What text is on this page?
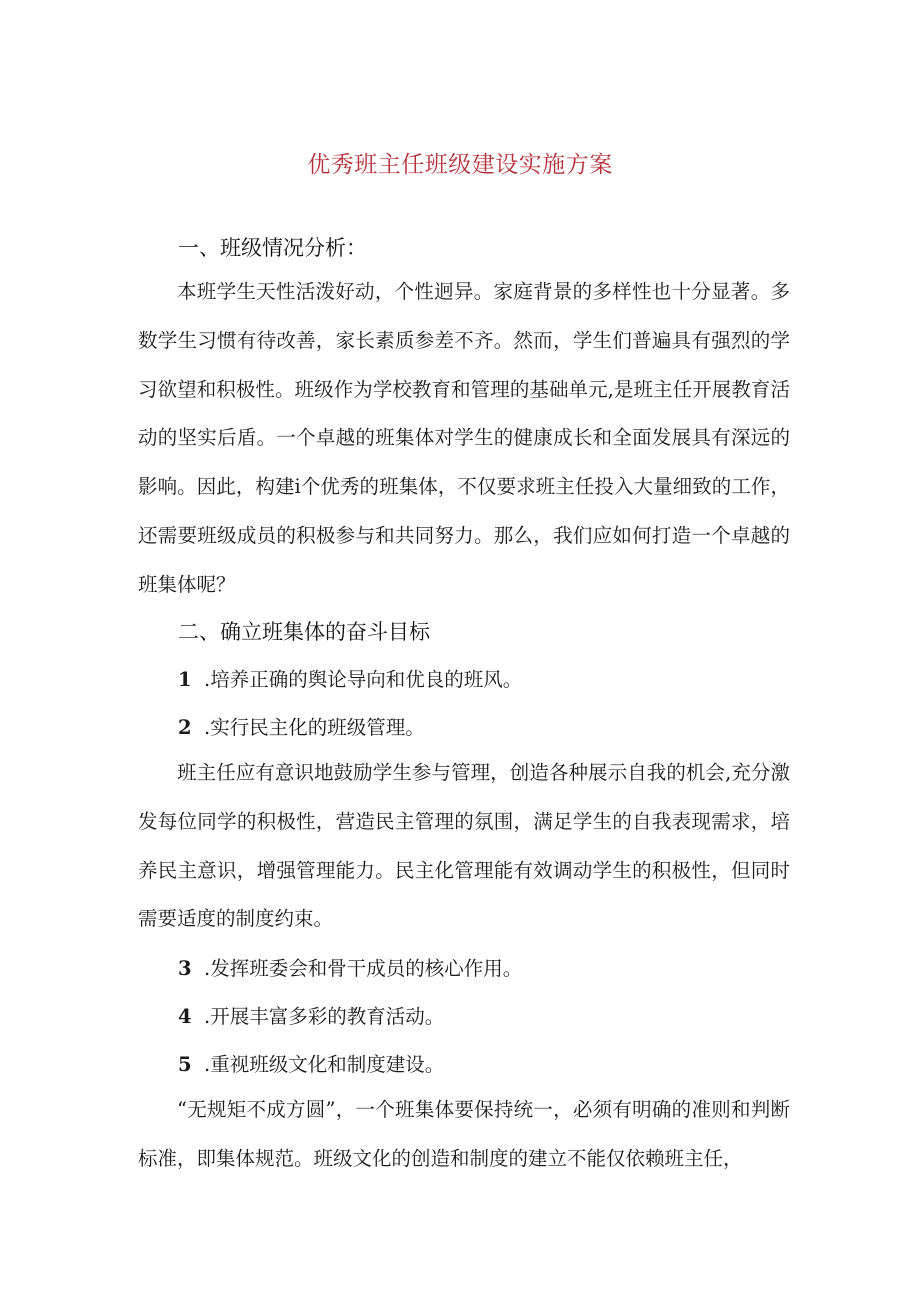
优秀班主任班级建设实施方案
一、班级情况分析：

本班学生天性活泼好动，个性迥异。家庭背景的多样性也十分显著。多数学生习惯有待改善，家长素质参差不齐。然而，学生们普遍具有强烈的学习欲望和积极性。班级作为学校教育和管理的基础单元,是班主任开展教育活动的坚实后盾。一个卓越的班集体对学生的健康成长和全面发展具有深远的影响。因此，构建i个优秀的班集体，不仅要求班主任投入大量细致的工作，还需要班级成员的积极参与和共同努力。那么，我们应如何打造一个卓越的班集体呢？

二、确立班集体的奋斗目标
1 .培养正确的舆论导向和优良的班风。
2 .实行民主化的班级管理。

班主任应有意识地鼓励学生参与管理，创造各种展示自我的机会,充分激发每位同学的积极性，营造民主管理的氛围，满足学生的自我表现需求，培养民主意识，增强管理能力。民主化管理能有效调动学生的积极性，但同时需要适度的制度约束。

3 .发挥班委会和骨干成员的核心作用。
4 .开展丰富多彩的教育活动。
5 .重视班级文化和制度建设。

“无规矩不成方圆”，一个班集体要保持统一，必须有明确的准则和判断标准，即集体规范。班级文化的创造和制度的建立不能仅依赖班主任，
